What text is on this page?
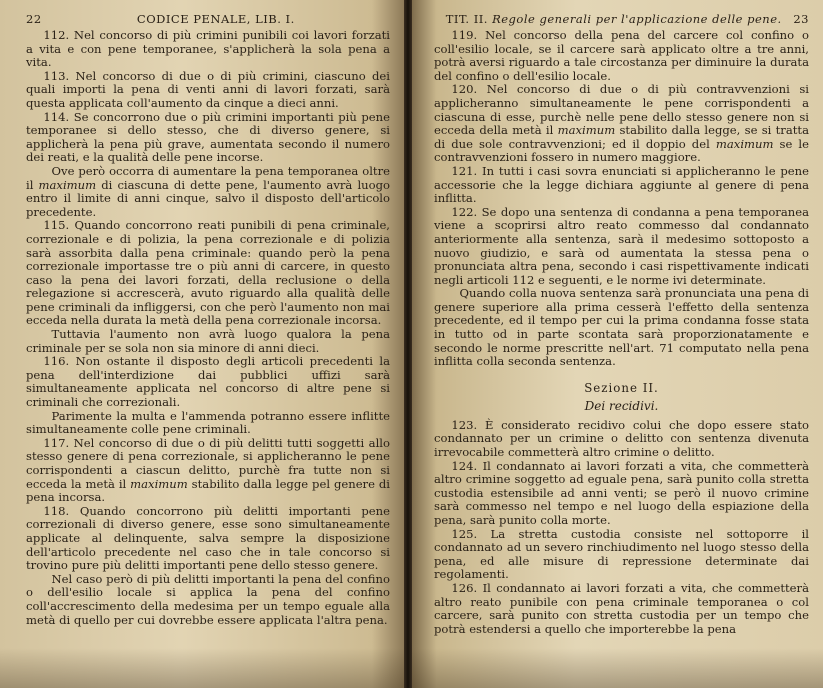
22	CODICE PENALE, LIB. I.

112. Nel concorso di più crimini punibili coi lavori forzati a vita e con pene temporanee, s'applicherà la sola pena a vita.

113. Nel concorso di due o di più crimini, ciascuno dei quali importi la pena di venti anni di lavori forzati, sarà questa applicata coll'aumento da cinque a dieci anni.

114. Se concorrono due o più crimini importanti più pene temporanee si dello stesso, che di diverso genere, si applicherà la pena più grave, aumentata secondo il numero dei reati, e la qualità delle pene incorse.

Ove però occorra di aumentare la pena temporanea oltre il maximum di ciascuna di dette pene, l'aumento avrà luogo entro il limite di anni cinque, salvo il disposto dell'articolo precedente.

115. Quando concorrono reati punibili di pena criminale, correzionale e di polizia, la pena correzionale e di polizia sarà assorbita dalla pena criminale: quando però la pena correzionale importasse tre o più anni di carcere, in questo caso la pena dei lavori forzati, della reclusione o della relegazione si accrescerà, avuto riguardo alla qualità delle pene criminali da infliggersi, con che però l'aumento non mai ecceda nella durata la metà della pena correzionale incorsa.

Tuttavia l'aumento non avrà luogo qualora la pena criminale per se sola non sia minore di anni dieci.

116. Non ostante il disposto degli articoli precedenti la pena dell'interdizione dai pubblici uffizi sarà simultaneamente applicata nel concorso di altre pene si criminali che correzionali.

Parimente la multa e l'ammenda potranno essere inflitte simultaneamente colle pene criminali.

117. Nel concorso di due o di più delitti tutti soggetti allo stesso genere di pena correzionale, si applicheranno le pene corrispondenti a ciascun delitto, purchè fra tutte non si ecceda la metà il maximum stabilito dalla legge pel genere di pena incorsa.

118. Quando concorrono più delitti importanti pene correzionali di diverso genere, esse sono simultaneamente applicate al delinquente, salva sempre la disposizione dell'articolo precedente nel caso che in tale concorso si trovino pure più delitti importanti pene dello stesso genere.

Nel caso però di più delitti importanti la pena del confino o dell'esilio locale si applica la pena del confino coll'accrescimento della medesima per un tempo eguale alla metà di quello per cui dovrebbe essere applicata l'altra pena.

TIT. II. Regole generali per l'applicazione delle pene.	23

119. Nel concorso della pena del carcere col confino o coll'esilio locale, se il carcere sarà applicato oltre a tre anni, potrà aversi riguardo a tale circostanza per diminuire la durata del confino o dell'esilio locale.

120. Nel concorso di due o di più contravvenzioni si applicheranno simultaneamente le pene corrispondenti a ciascuna di esse, purchè nelle pene dello stesso genere non si ecceda della metà il maximum stabilito dalla legge, se si tratta di due sole contravvenzioni; ed il doppio del maximum se le contravvenzioni fossero in numero maggiore.

121. In tutti i casi sovra enunciati si applicheranno le pene accessorie che la legge dichiara aggiunte al genere di pena inflitta.

122. Se dopo una sentenza di condanna a pena temporanea viene a scoprirsi altro reato commesso dal condannato anteriormente alla sentenza, sarà il medesimo sottoposto a nuovo giudizio, e sarà od aumentata la stessa pena o pronunciata altra pena, secondo i casi rispettivamente indicati negli articoli 112 e seguenti, e le norme ivi determinate.

Quando colla nuova sentenza sarà pronunciata una pena di genere superiore alla prima cesserà l'effetto della sentenza precedente, ed il tempo per cui la prima condanna fosse stata in tutto od in parte scontata sarà proporzionatamente e secondo le norme prescritte nell'art. 71 computato nella pena inflitta colla seconda sentenza.

Sezione II.
Dei recidivi.

123. È considerato recidivo colui che dopo essere stato condannato per un crimine o delitto con sentenza divenuta irrevocabile commetterà altro crimine o delitto.

124. Il condannato ai lavori forzati a vita, che commetterà altro crimine soggetto ad eguale pena, sarà punito colla stretta custodia estensibile ad anni venti; se però il nuovo crimine sarà commesso nel tempo e nel luogo della espiazione della pena, sarà punito colla morte.

125. La stretta custodia consiste nel sottoporre il condannato ad un severo rinchiudimento nel luogo stesso della pena, ed alle misure di repressione determinate dai regolamenti.

126. Il condannato ai lavori forzati a vita, che commetterà altro reato punibile con pena criminale temporanea o col carcere, sarà punito con stretta custodia per un tempo che potrà estendersi a quello che importerebbe la pena
